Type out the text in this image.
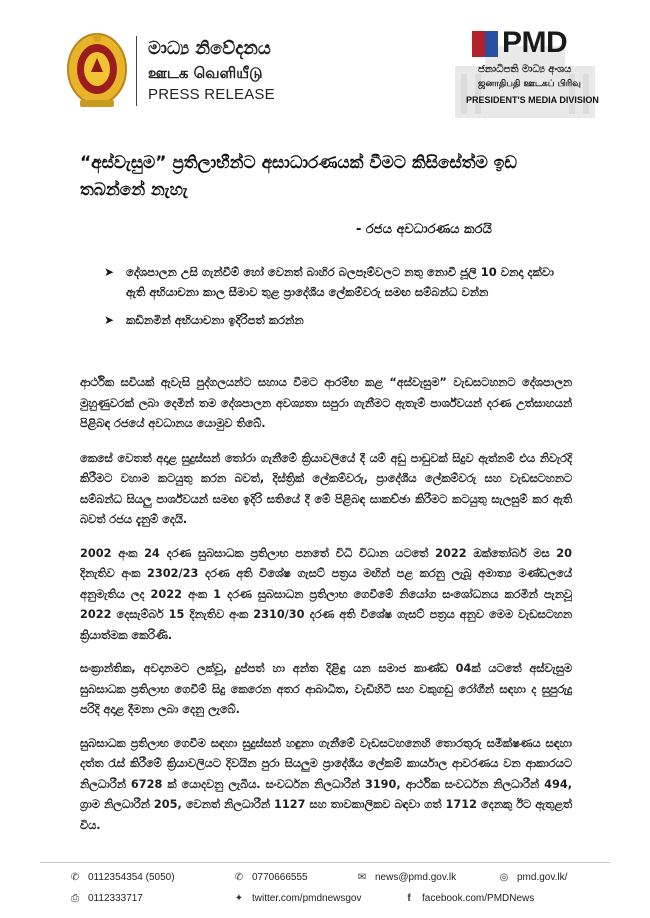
මාධ්‍ය නිවේදනය
ஊடக வெளியீடு
PRESS RELEASE
PMD
ජනාධිපති මාධ්‍ය අංශය
ஜனாதிபதி ஊடகப் பிரிவு
PRESIDENT'S MEDIA DIVISION
“අස්වැසුම” ප්‍රතිලාභීන්ට අසාධාරණයක් වීමට කිසිසේත්ම ඉඩ තබන්නේ නැහැ
- රජය අවධාරණය කරයි
➤ දේශපාලන උසි ගැන්වීම් හෝ වෙනත් බාහිර බලපෑම්වලට නතු නොවී ජූලි 10 වනදා දක්වා ඇති අභියාචනා කාල සීමාව තුළ ප්‍රාදේශීය ලේකම්වරු සමඟ සම්බන්ධ වන්න
➤ කඩිනමින් අභියාචනා ඉදිරිපත් කරන්න

ආර්ථික සවියක් ඇවැසි පුද්ගලයන්ට සහාය වීමට ආරම්භ කළ “අස්වැසුම” වැඩසටහනට දේශපාලන මුහුණුවරක් ලබා දෙමින් තම දේශපාලන අවශ්‍යතා සපුරා ගැනීමට ඇතැම් පාර්ශ්වයන් දරණ උත්සාහයන් පිළිබඳ රජයේ අවධානය යොමුව තිබේ.

කෙසේ වෙතත් අදාළ සුදුස්සන් තෝරා ගැනීමේ ක්‍රියාවලියේ දී යම් අඩු පාඩුවක් සිදුව ඇත්නම් එය නිවැරදි කිරීමට වහාම කටයුතු කරන බවත්, දිස්ත්‍රික් ලේකම්වරු, ප්‍රාදේශීය ලේකම්වරු සහ වැඩසටහනට සම්බන්ධ සියලු පාර්ශ්වයන් සමඟ ඉදිරි සතියේ දී මේ පිළිබඳ සාකච්ඡා කිරීමට කටයුතු සැලසුම් කර ඇති බවත් රජය දැනුම් දෙයි.

2002 අංක 24 දරණ සුබසාධක ප්‍රතිලාභ පනතේ විධි විධාන යටතේ 2022 ඔක්තෝබර් මස 20 දිනැතිව අංක 2302/23 දරණ අති විශේෂ ගැසට් පත්‍රය මඟින් පළ කරනු ලැබූ අමාත්‍ය මණ්ඩලයේ අනුමැතිය ලද 2022 අංක 1 දරණ සුබසාධන ප්‍රතිලාභ ගෙවීමේ නියෝග සංශෝධනය කරමින් පැනවූ 2022 දෙසැම්බර් 15 දිනැතිව අංක 2310/30 දරණ අති විශේෂ ගැසට් පත්‍රය අනුව මෙම වැඩසටහන ක්‍රියාත්මක කෙරිණි.

සංක්‍රාන්තික, අවදානමට ලක්වූ, දුප්පත් හා අන්ත දිළිඳු යන සමාජ කාණ්ඩ 04ක් යටතේ අස්වැසුම සුබසාධක ප්‍රතිලාභ ගෙවීම් සිදු කෙරෙන අතර ආබාධිත, වැඩිහිටි සහ වකුගඩු රෝගීන් සඳහා ද සුපුරුදු පරිදි අදාළ දීමනා ලබා දෙනු ලැබේ.

සුබසාධක ප්‍රතිලාභ ගෙවීම සඳහා සුදුස්සන් හඳුනා ගැනීමේ වැඩසටහනෙහි තොරතුරු සමීක්ෂණය සඳහා දත්ත රැස් කිරීමේ ක්‍රියාවලියට දිවයින පුරා සියලුම ප්‍රාදේශීය ලේකම් කාර්යාල ආවරණය වන ආකාරයට නිලධාරීන් 6728 ක් යොදවනු ලැබීය. සංවර්ධන නිලධාරීන් 3190, ආර්ථික සංවර්ධන නිලධාරීන් 494, ග්‍රාම නිලධාරීන් 205, වෙනත් නිලධාරීන් 1127 සහ තාවකාලිකව බඳවා ගත් 1712 දෙනකු ඊට ඇතුළත් විය.

✆ 0112354354 (5050)
⎙ 0112333717
✆ 0770666555
✦ twitter.com/pmdnewsgov
✉ news@pmd.gov.lk
f	facebook.com/PMDNews
◎ pmd.gov.lk/
